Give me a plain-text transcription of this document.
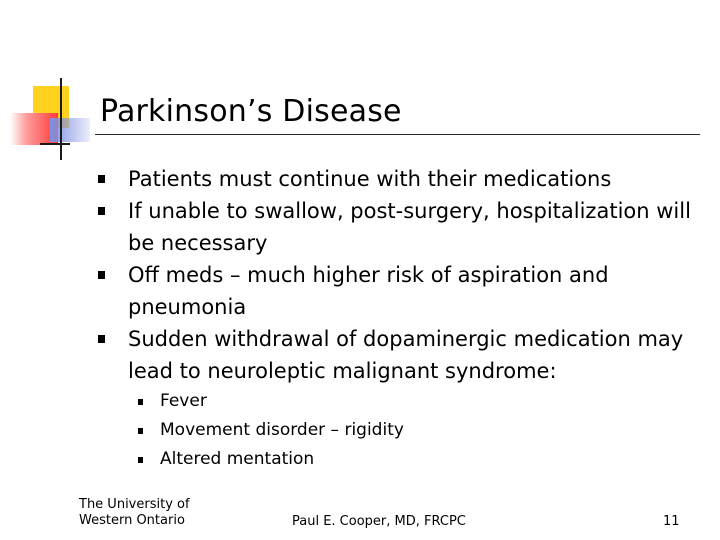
Parkinson’s Disease
Patients must continue with their medications
If unable to swallow, post-surgery, hospitalization will be necessary
Off meds – much higher risk of aspiration and pneumonia
Sudden withdrawal of dopaminergic medication may lead to neuroleptic malignant syndrome:
Fever
Movement disorder – rigidity
Altered mentation
The University of
Western Ontario	Paul E. Cooper, MD, FRCPC	11
